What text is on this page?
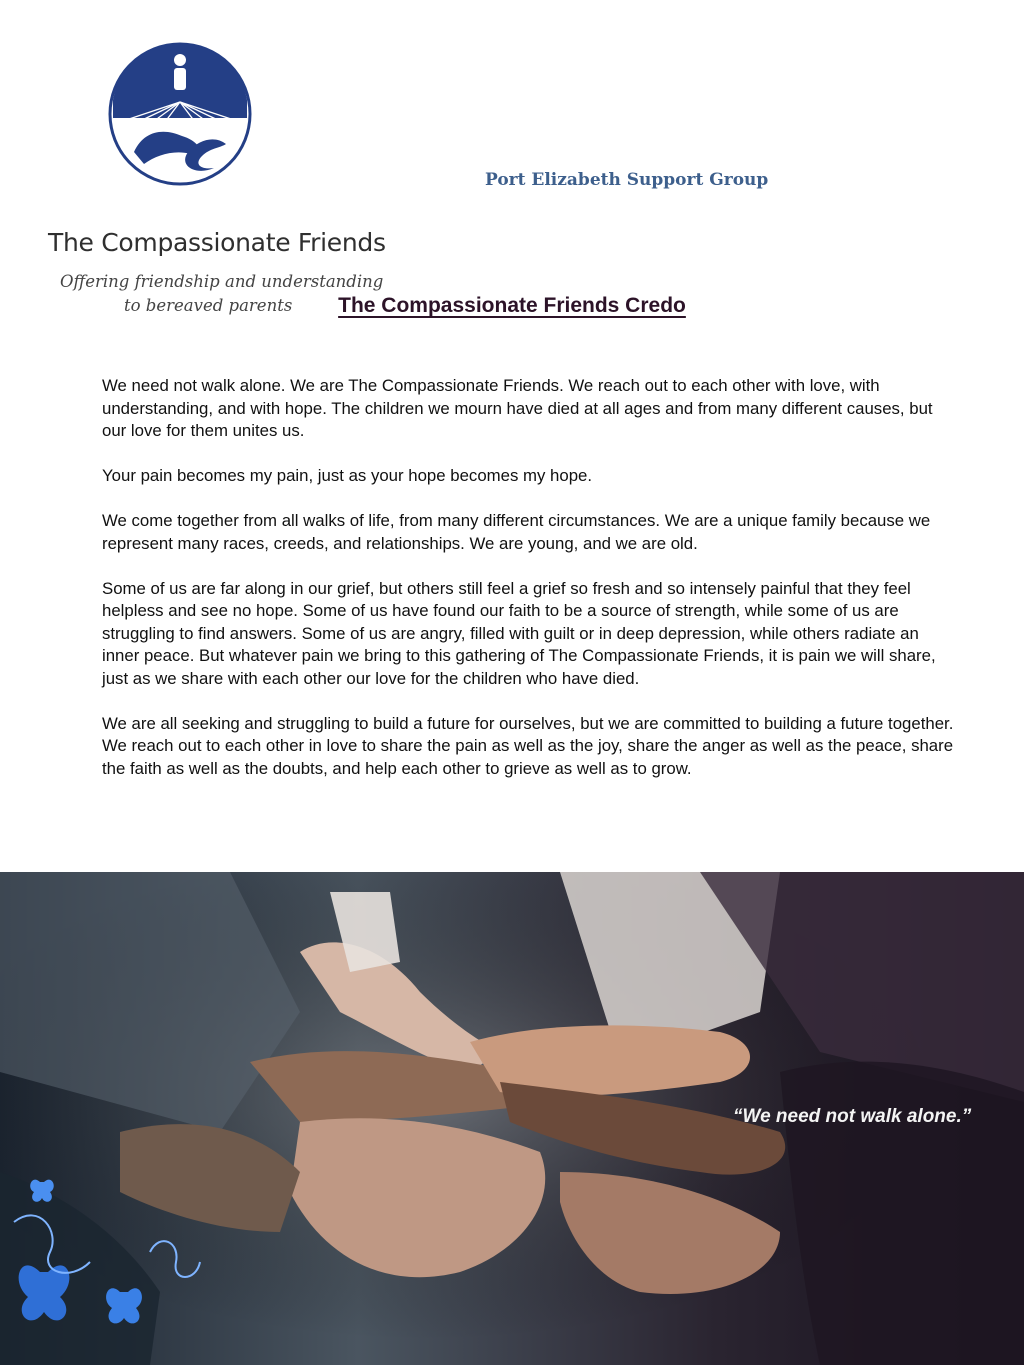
The Compassionate Friends
Offering friendship and understanding
to bereaved parents
Port Elizabeth Support Group
The Compassionate Friends Credo

We need not walk alone. We are The Compassionate Friends. We reach out to each other with love, with understanding, and with hope. The children we mourn have died at all ages and from many different causes, but our love for them unites us.

Your pain becomes my pain, just as your hope becomes my hope.

We come together from all walks of life, from many different circumstances. We are a unique family because we represent many races, creeds, and relationships. We are young, and we are old.

Some of us are far along in our grief, but others still feel a grief so fresh and so intensely painful that they feel helpless and see no hope. Some of us have found our faith to be a source of strength, while some of us are struggling to find answers. Some of us are angry, filled with guilt or in deep depression, while others radiate an inner peace. But whatever pain we bring to this gathering of The Compassionate Friends, it is pain we will share, just as we share with each other our love for the children who have died.

We are all seeking and struggling to build a future for ourselves, but we are committed to building a future together. We reach out to each other in love to share the pain as well as the joy, share the anger as well as the peace, share the faith as well as the doubts, and help each other to grieve as well as to grow.

“We need not walk alone.”
